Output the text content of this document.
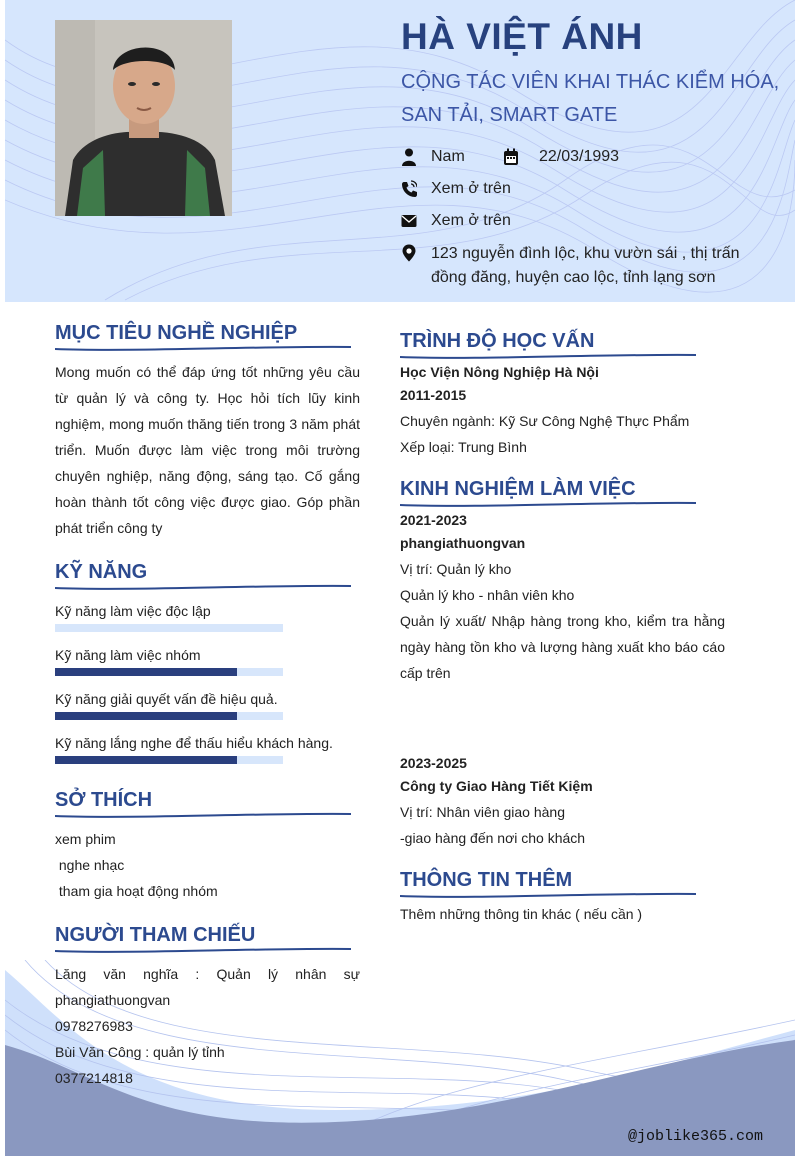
HÀ VIỆT ÁNH
CỘNG TÁC VIÊN KHAI THÁC KIỂM HÓA, SAN TẢI, SMART GATE
Nam	22/03/1993
Xem ở trên
Xem ở trên
123 nguyễn đình lộc, khu vườn sái , thị trấn đồng đăng, huyện cao lộc, tỉnh lạng sơn
MỤC TIÊU NGHỀ NGHIỆP
Mong muốn có thể đáp ứng tốt những yêu cầu từ quản lý và công ty. Học hỏi tích lũy kinh nghiệm, mong muốn thăng tiến trong 3 năm phát triển. Muốn được làm việc trong môi trường chuyên nghiệp, năng động, sáng tạo. Cố gắng hoàn thành tốt công việc được giao. Góp phần phát triển công ty
KỸ NĂNG
Kỹ năng làm việc độc lập
Kỹ năng làm việc nhóm
Kỹ năng giải quyết vấn đề hiệu quả.
Kỹ năng lắng nghe để thấu hiểu khách hàng.
SỞ THÍCH
xem phim
nghe nhạc
tham gia hoạt động nhóm
NGƯỜI THAM CHIẾU
Lăng văn nghĩa : Quản lý nhân sự phangiathuongvan
0978276983
Bùi Văn Công : quản lý tỉnh
0377214818
TRÌNH ĐỘ HỌC VẤN
Học Viện Nông Nghiệp Hà Nội
2011-2015
Chuyên ngành: Kỹ Sư Công Nghệ Thực Phẩm
Xếp loại: Trung Bình
KINH NGHIỆM LÀM VIỆC
2021-2023
phangiathuongvan
Vị trí: Quản lý kho
Quản lý kho - nhân viên kho
Quản lý xuất/ Nhập hàng trong kho, kiểm tra hằng ngày hàng tồn kho và lượng hàng xuất kho báo cáo cấp trên
2023-2025
Công ty Giao Hàng Tiết Kiệm
Vị trí: Nhân viên giao hàng
-giao hàng đến nơi cho khách
THÔNG TIN THÊM
Thêm những thông tin khác ( nếu cần )
@joblike365.com
